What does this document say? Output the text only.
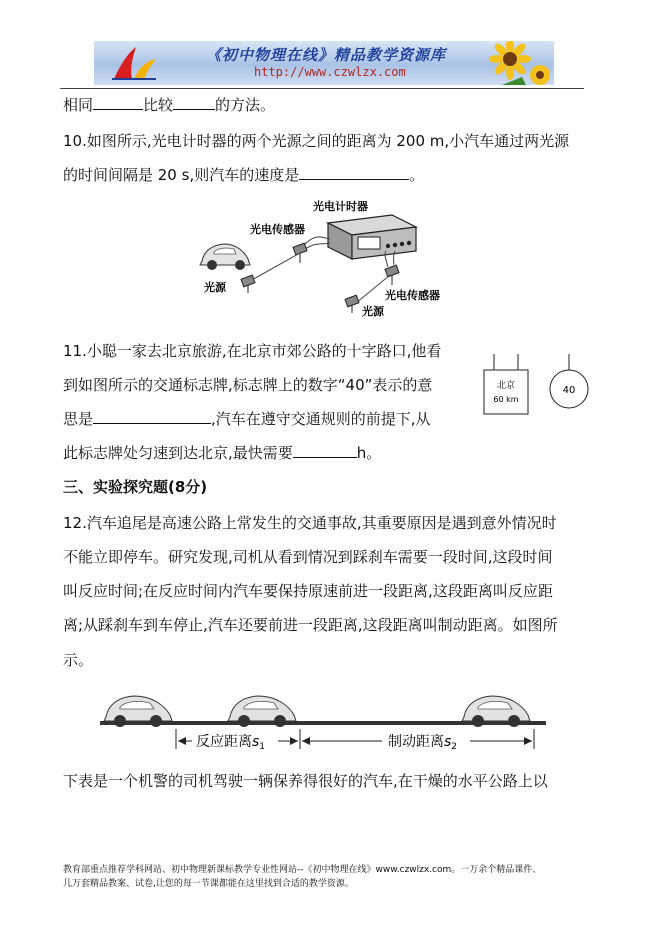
《初中物理在线》精品教学资源库
http://www.czwlzx.com
相同	比较	的方法。
10.如图所示,光电计时器的两个光源之间的距离为 200 m,小汽车通过两光源
的时间间隔是 20 s,则汽车的速度是	。
光电计时器
光电传感器
光电传感器
光源
光源
11.小聪一家去北京旅游,在北京市郊公路的十字路口,他看
到如图所示的交通标志牌,标志牌上的数字“40”表示的意
思是	,汽车在遵守交通规则的前提下,从
此标志牌处匀速到达北京,最快需要	h。
北京
60 km
40
三、实验探究题(8分)
12.汽车追尾是高速公路上常发生的交通事故,其重要原因是遇到意外情况时
不能立即停车。研究发现,司机从看到情况到踩刹车需要一段时间,这段时间
叫反应时间;在反应时间内汽车要保持原速前进一段距离,这段距离叫反应距
离;从踩刹车到车停止,汽车还要前进一段距离,这段距离叫制动距离。如图所
示。
反应距离$s_1$	制动距离$s_2$
下表是一个机警的司机驾驶一辆保养得很好的汽车,在干燥的水平公路上以
教育部重点推荐学科网站、初中物理新课标教学专业性网站--《初中物理在线》www.czwlzx.com。一万余个精品课件、
几万套精品教案、试卷,让您的每一节课都能在这里找到合适的教学资源。
